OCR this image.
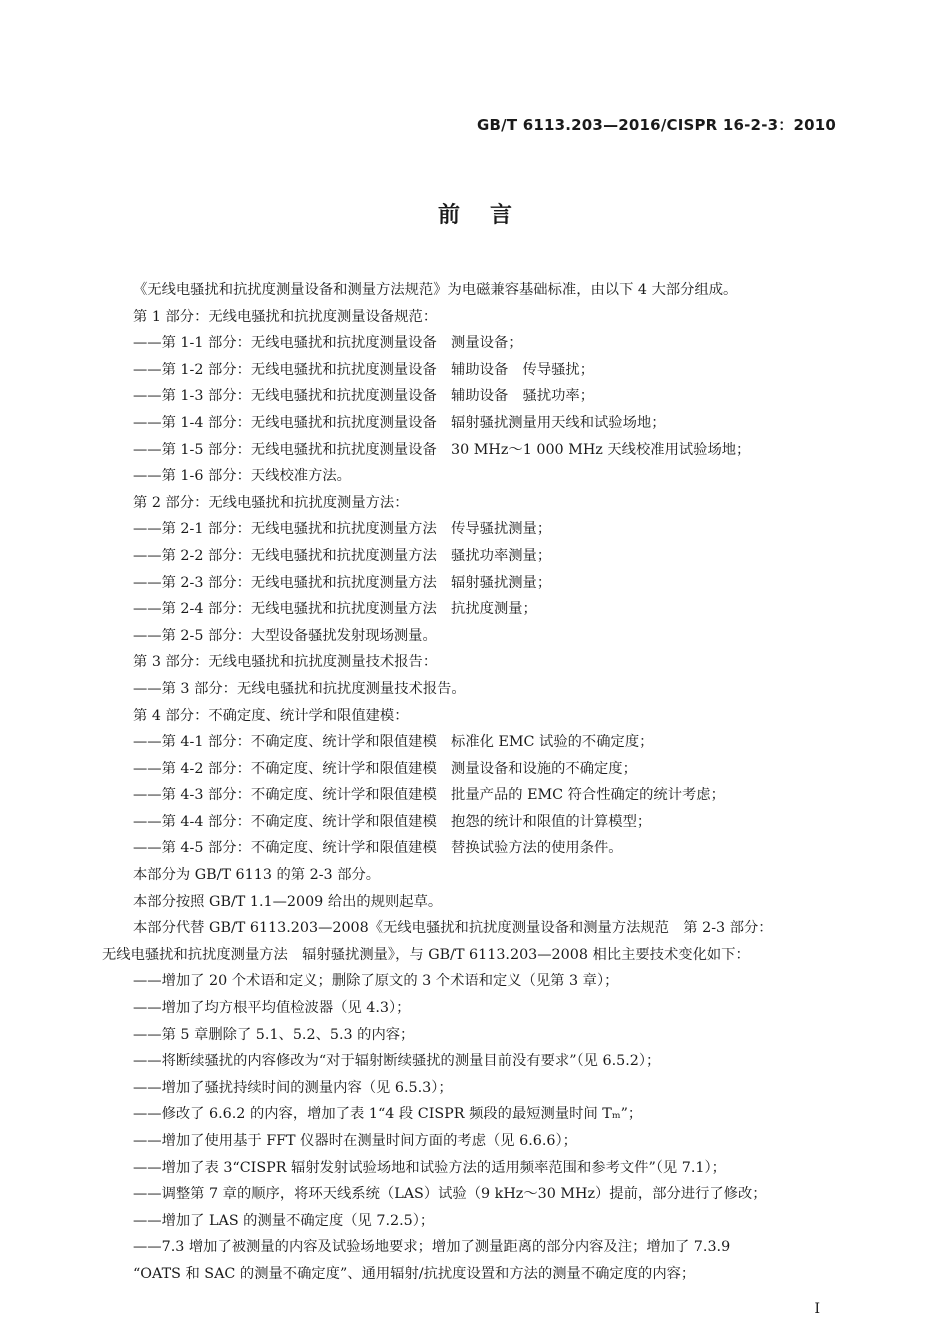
GB/T 6113.203—2016/CISPR 16-2-3：2010
前言
《无线电骚扰和抗扰度测量设备和测量方法规范》为电磁兼容基础标准，由以下 4 大部分组成。
第 1 部分：无线电骚扰和抗扰度测量设备规范：
——第 1-1 部分：无线电骚扰和抗扰度测量设备　测量设备；
——第 1-2 部分：无线电骚扰和抗扰度测量设备　辅助设备　传导骚扰；
——第 1-3 部分：无线电骚扰和抗扰度测量设备　辅助设备　骚扰功率；
——第 1-4 部分：无线电骚扰和抗扰度测量设备　辐射骚扰测量用天线和试验场地；
——第 1-5 部分：无线电骚扰和抗扰度测量设备　30 MHz～1 000 MHz 天线校准用试验场地；
——第 1-6 部分：天线校准方法。
第 2 部分：无线电骚扰和抗扰度测量方法：
——第 2-1 部分：无线电骚扰和抗扰度测量方法　传导骚扰测量；
——第 2-2 部分：无线电骚扰和抗扰度测量方法　骚扰功率测量；
——第 2-3 部分：无线电骚扰和抗扰度测量方法　辐射骚扰测量；
——第 2-4 部分：无线电骚扰和抗扰度测量方法　抗扰度测量；
——第 2-5 部分：大型设备骚扰发射现场测量。
第 3 部分：无线电骚扰和抗扰度测量技术报告：
——第 3 部分：无线电骚扰和抗扰度测量技术报告。
第 4 部分：不确定度、统计学和限值建模：
——第 4-1 部分：不确定度、统计学和限值建模　标准化 EMC 试验的不确定度；
——第 4-2 部分：不确定度、统计学和限值建模　测量设备和设施的不确定度；
——第 4-3 部分：不确定度、统计学和限值建模　批量产品的 EMC 符合性确定的统计考虑；
——第 4-4 部分：不确定度、统计学和限值建模　抱怨的统计和限值的计算模型；
——第 4-5 部分：不确定度、统计学和限值建模　替换试验方法的使用条件。
本部分为 GB/T 6113 的第 2-3 部分。
本部分按照 GB/T 1.1—2009 给出的规则起草。
本部分代替 GB/T 6113.203—2008《无线电骚扰和抗扰度测量设备和测量方法规范　第 2-3 部分：
无线电骚扰和抗扰度测量方法　辐射骚扰测量》，与 GB/T 6113.203—2008 相比主要技术变化如下：
——增加了 20 个术语和定义；删除了原文的 3 个术语和定义（见第 3 章）；
——增加了均方根平均值检波器（见 4.3）；
——第 5 章删除了 5.1、5.2、5.3 的内容；
——将断续骚扰的内容修改为“对于辐射断续骚扰的测量目前没有要求”（见 6.5.2）；
——增加了骚扰持续时间的测量内容（见 6.5.3）；
——修改了 6.6.2 的内容，增加了表 1“4 段 CISPR 频段的最短测量时间 Tₘ”；
——增加了使用基于 FFT 仪器时在测量时间方面的考虑（见 6.6.6）；
——增加了表 3“CISPR 辐射发射试验场地和试验方法的适用频率范围和参考文件”（见 7.1）；
——调整第 7 章的顺序，将环天线系统（LAS）试验（9 kHz～30 MHz）提前，部分进行了修改；
——增加了 LAS 的测量不确定度（见 7.2.5）；
——7.3 增加了被测量的内容及试验场地要求；增加了测量距离的部分内容及注；增加了 7.3.9
“OATS 和 SAC 的测量不确定度”、通用辐射/抗扰度设置和方法的测量不确定度的内容；
I
